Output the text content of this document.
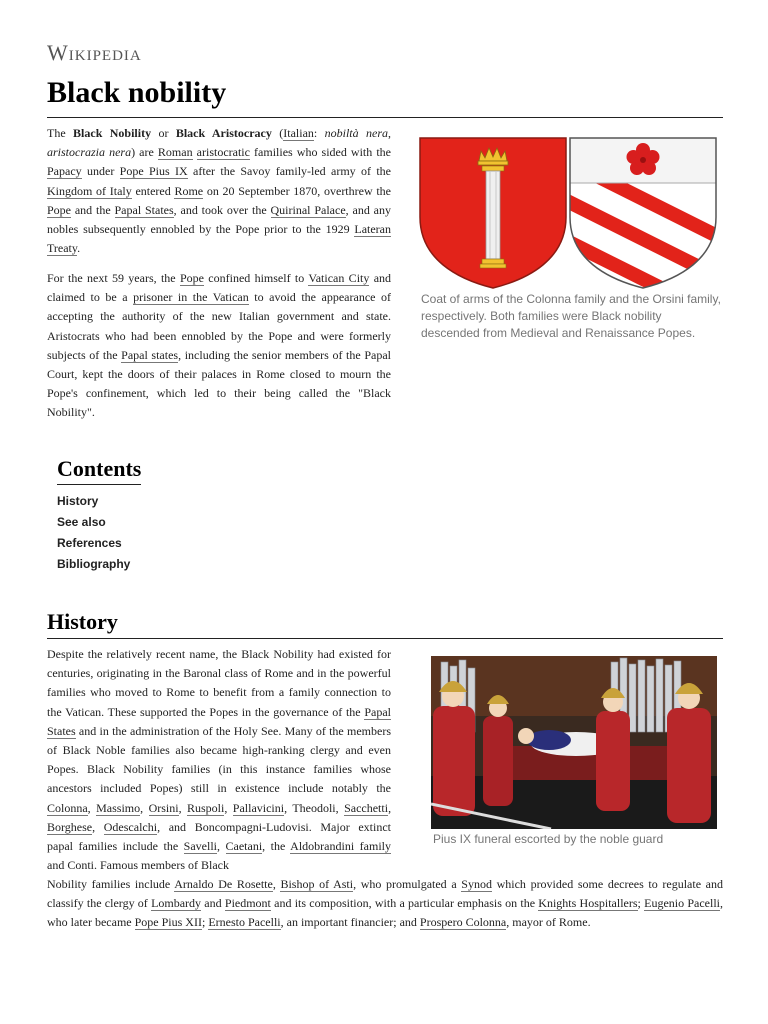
Wikipedia
Black nobility

The Black Nobility or Black Aristocracy (Italian: nobiltà nera, aristocrazia nera) are Roman aristocratic families who sided with the Papacy under Pope Pius IX after the Savoy family-led army of the Kingdom of Italy entered Rome on 20 September 1870, overthrew the Pope and the Papal States, and took over the Quirinal Palace, and any nobles subsequently ennobled by the Pope prior to the 1929 Lateran Treaty.

For the next 59 years, the Pope confined himself to Vatican City and claimed to be a prisoner in the Vatican to avoid the appearance of accepting the authority of the new Italian government and state. Aristocrats who had been ennobled by the Pope and were formerly subjects of the Papal states, including the senior members of the Papal Court, kept the doors of their palaces in Rome closed to mourn the Pope's confinement, which led to their being called the "Black Nobility".

Coat of arms of the Colonna family and the Orsini family, respectively. Both families were Black nobility descended from Medieval and Renaissance Popes.

Contents
History
See also
References
Bibliography
History

Despite the relatively recent name, the Black Nobility had existed for centuries, originating in the Baronal class of Rome and in the powerful families who moved to Rome to benefit from a family connection to the Vatican. These supported the Popes in the governance of the Papal States and in the administration of the Holy See. Many of the members of Black Noble families also became high-ranking clergy and even Popes. Black Nobility families (in this instance families whose ancestors included Popes) still in existence include notably the Colonna, Massimo, Orsini, Ruspoli, Pallavicini, Theodoli, Sacchetti, Borghese, Odescalchi, and Boncompagni-Ludovisi. Major extinct papal families include the Savelli, Caetani, the Aldobrandini family and Conti. Famous members of Black

Pius IX funeral escorted by the noble guard

Nobility families include Arnaldo De Rosette, Bishop of Asti, who promulgated a Synod which provided some decrees to regulate and classify the clergy of Lombardy and Piedmont and its composition, with a particular emphasis on the Knights Hospitallers; Eugenio Pacelli, who later became Pope Pius XII; Ernesto Pacelli, an important financier; and Prospero Colonna, mayor of Rome.
